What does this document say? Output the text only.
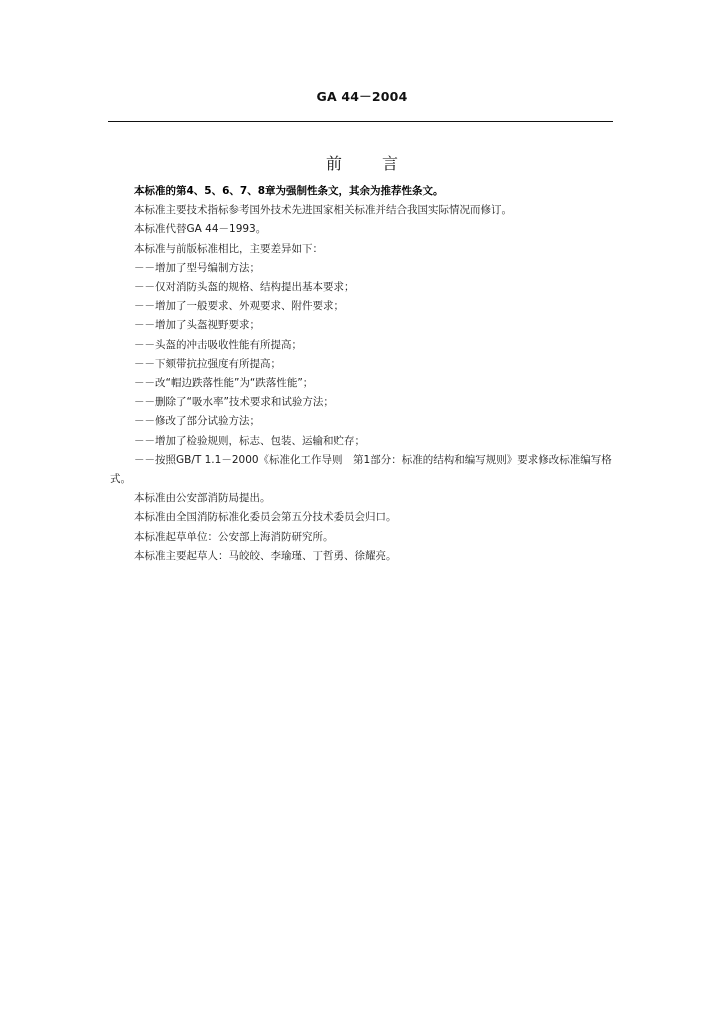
GA 44－2004
前	言
本标准的第4、5、6、7、8章为强制性条文，其余为推荐性条文。
本标准主要技术指标参考国外技术先进国家相关标准并结合我国实际情况而修订。
本标准代替GA 44－1993。
本标准与前版标准相比，主要差异如下：
－－增加了型号编制方法；
－－仅对消防头盔的规格、结构提出基本要求；
－－增加了一般要求、外观要求、附件要求；
－－增加了头盔视野要求；
－－头盔的冲击吸收性能有所提高；
－－下颏带抗拉强度有所提高；
－－改“帽边跌落性能”为“跌落性能”；
－－删除了“吸水率”技术要求和试验方法；
－－修改了部分试验方法；
－－增加了检验规则，标志、包装、运输和贮存；
－－按照GB/T 1.1－2000《标准化工作导则　第1部分：标准的结构和编写规则》要求修改标准编写格式。
本标准由公安部消防局提出。
本标准由全国消防标准化委员会第五分技术委员会归口。
本标准起草单位：公安部上海消防研究所。
本标准主要起草人：马皎皎、李瑜瑾、丁哲勇、徐耀亮。
